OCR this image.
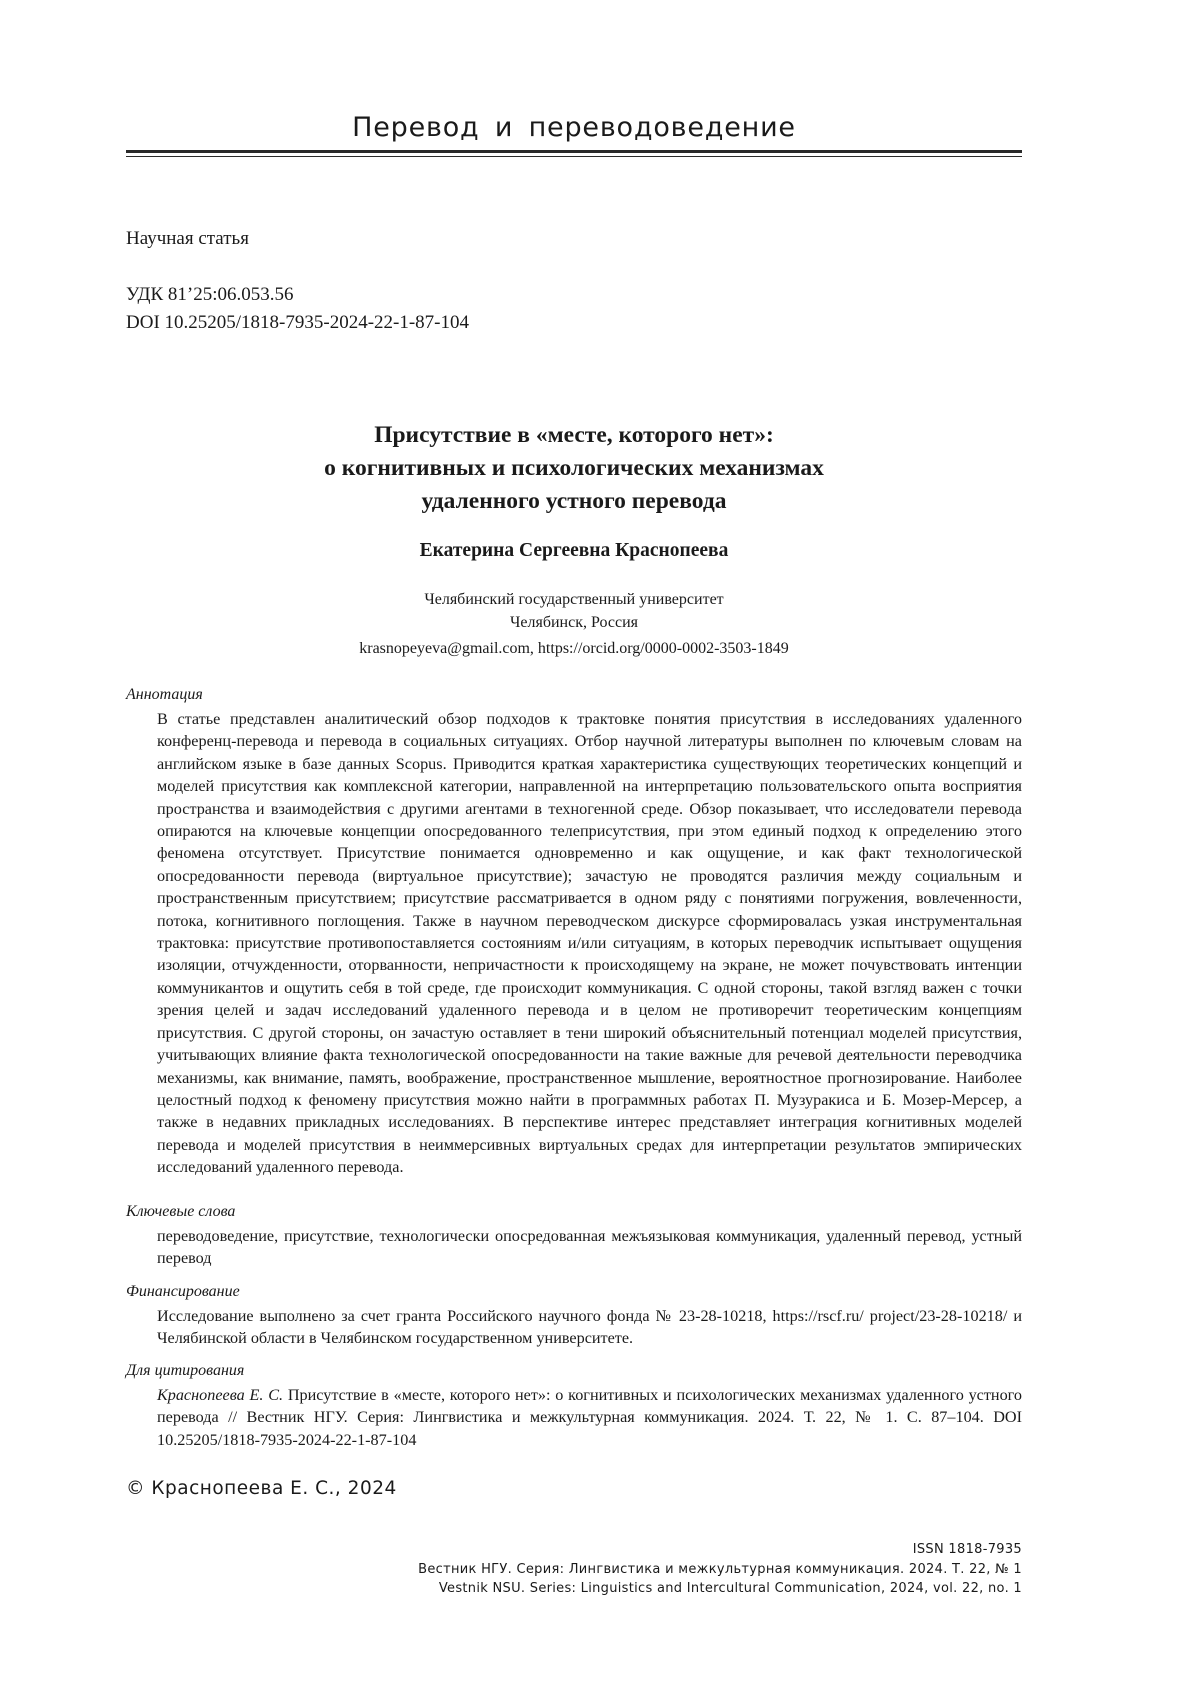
Перевод и переводоведение
Научная статья
УДК 81’25:06.053.56
DOI 10.25205/1818-7935-2024-22-1-87-104
Присутствие в «месте, которого нет»:
о когнитивных и психологических механизмах
удаленного устного перевода
Екатерина Сергеевна Краснопеева
Челябинский государственный университет
Челябинск, Россия
krasnopeyeva@gmail.com, https://orcid.org/0000-0002-3503-1849
Аннотация
В статье представлен аналитический обзор подходов к трактовке понятия присутствия в исследованиях удален­ного конференц-перевода и перевода в социальных ситуациях. Отбор научной литературы выполнен по клю­чевым словам на английском языке в базе данных Scopus. Приводится краткая характеристика существующих теоретических концепций и моделей присутствия как комплексной категории, направленной на интерпретацию пользовательского опыта восприятия пространства и взаимодействия с другими агентами в техногенной среде. Обзор показывает, что исследователи перевода опираются на ключевые концепции опосредованного телепри­сутствия, при этом единый подход к определению этого феномена отсутствует. Присутствие понимается одно­временно и как ощущение, и как факт технологической опосредованности перевода (виртуальное присутствие); зачастую не проводятся различия между социальным и пространственным присутствием; присутствие рассма­тривается в одном ряду с понятиями погружения, вовлеченности, потока, когнитивного поглощения. Также в научном переводческом дискурсе сформировалась узкая инструментальная трактовка: присутствие противо­поставляется состояниям и/или ситуациям, в которых переводчик испытывает ощущения изоляции, отчужден­ности, оторванности, непричастности к происходящему на экране, не может почувствовать интенции коммуни­кантов и ощутить себя в той среде, где происходит коммуникация. С одной стороны, такой взгляд важен с точки зрения целей и задач исследований удаленного перевода и в целом не противоречит теоретическим концепциям присутствия. С другой стороны, он зачастую оставляет в тени широкий объяснительный потенциал моделей присутствия, учитывающих влияние факта технологической опосредованности на такие важные для речевой деятельности переводчика механизмы, как внимание, память, воображение, пространственное мышление, веро­ятностное прогнозирование. Наиболее целостный подход к феномену присутствия можно найти в программных работах П. Музуракиса и Б. Мозер-Мерсер, а также в недавних прикладных исследованиях. В перспективе ин­терес представляет интеграция когнитивных моделей перевода и моделей присутствия в неиммерсивных вирту­альных средах для интерпретации результатов эмпирических исследований удаленного перевода.
Ключевые слова
переводоведение, присутствие, технологически опосредованная межъязыковая коммуникация, удаленный пе­ревод, устный перевод
Финансирование
Исследование выполнено за счет гранта Российского научного фонда № 23-28-10218, https://rscf.ru/ project/23-28-10218/ и Челябинской области в Челябинском государственном университете.
Для цитирования
Краснопеева Е. С. Присутствие в «месте, которого нет»: о когнитивных и психологических механизмах удален­ного устного перевода // Вестник НГУ. Серия: Лингвистика и межкультурная коммуникация. 2024. Т. 22, № 1. С. 87–104. DOI 10.25205/1818-7935-2024-22-1-87-104
© Краснопеева Е. С., 2024
ISSN 1818-7935
Вестник НГУ. Серия: Лингвистика и межкультурная коммуникация. 2024. Т. 22, № 1
Vestnik NSU. Series: Linguistics and Intercultural Communication, 2024, vol. 22, no. 1
